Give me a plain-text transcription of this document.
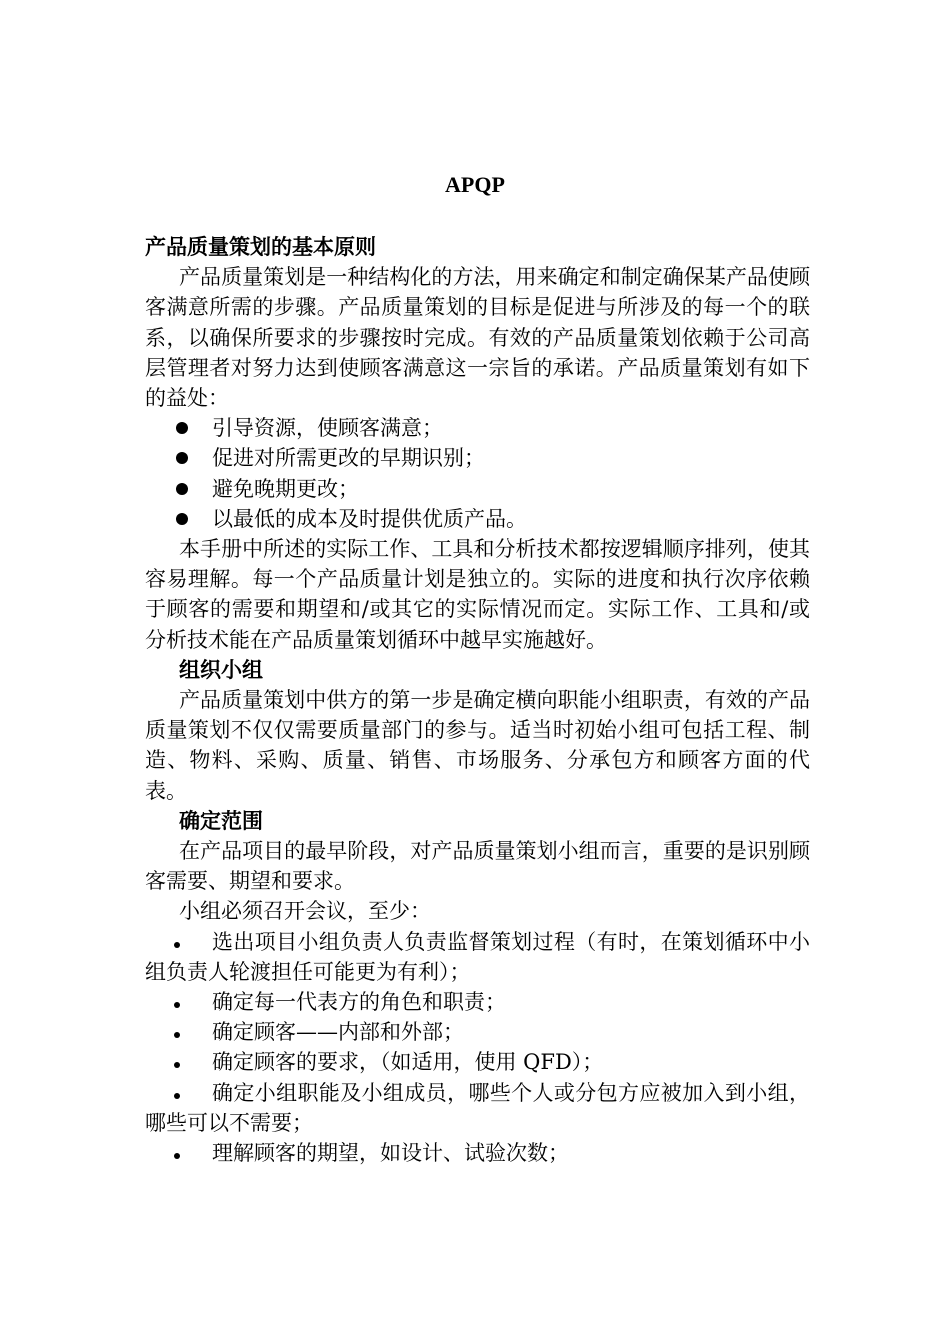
APQP

产品质量策划的基本原则

产品质量策划是一种结构化的方法，用来确定和制定确保某产品使顾客满意所需的步骤。产品质量策划的目标是促进与所涉及的每一个的联系，以确保所要求的步骤按时完成。有效的产品质量策划依赖于公司高层管理者对努力达到使顾客满意这一宗旨的承诺。产品质量策划有如下的益处：

引导资源，使顾客满意；
促进对所需更改的早期识别；
避免晚期更改；
以最低的成本及时提供优质产品。

本手册中所述的实际工作、工具和分析技术都按逻辑顺序排列，使其容易理解。每一个产品质量计划是独立的。实际的进度和执行次序依赖于顾客的需要和期望和/或其它的实际情况而定。实际工作、工具和/或分析技术能在产品质量策划循环中越早实施越好。

组织小组

产品质量策划中供方的第一步是确定横向职能小组职责，有效的产品质量策划不仅仅需要质量部门的参与。适当时初始小组可包括工程、制造、物料、采购、质量、销售、市场服务、分承包方和顾客方面的代表。

确定范围

在产品项目的最早阶段，对产品质量策划小组而言，重要的是识别顾客需要、期望和要求。

小组必须召开会议，至少：

选出项目小组负责人负责监督策划过程（有时，在策划循环中小组负责人轮渡担任可能更为有利）；
确定每一代表方的角色和职责；
确定顾客——内部和外部；
确定顾客的要求，（如适用，使用 QFD）；
确定小组职能及小组成员，哪些个人或分包方应被加入到小组，哪些可以不需要；
理解顾客的期望，如设计、试验次数；
